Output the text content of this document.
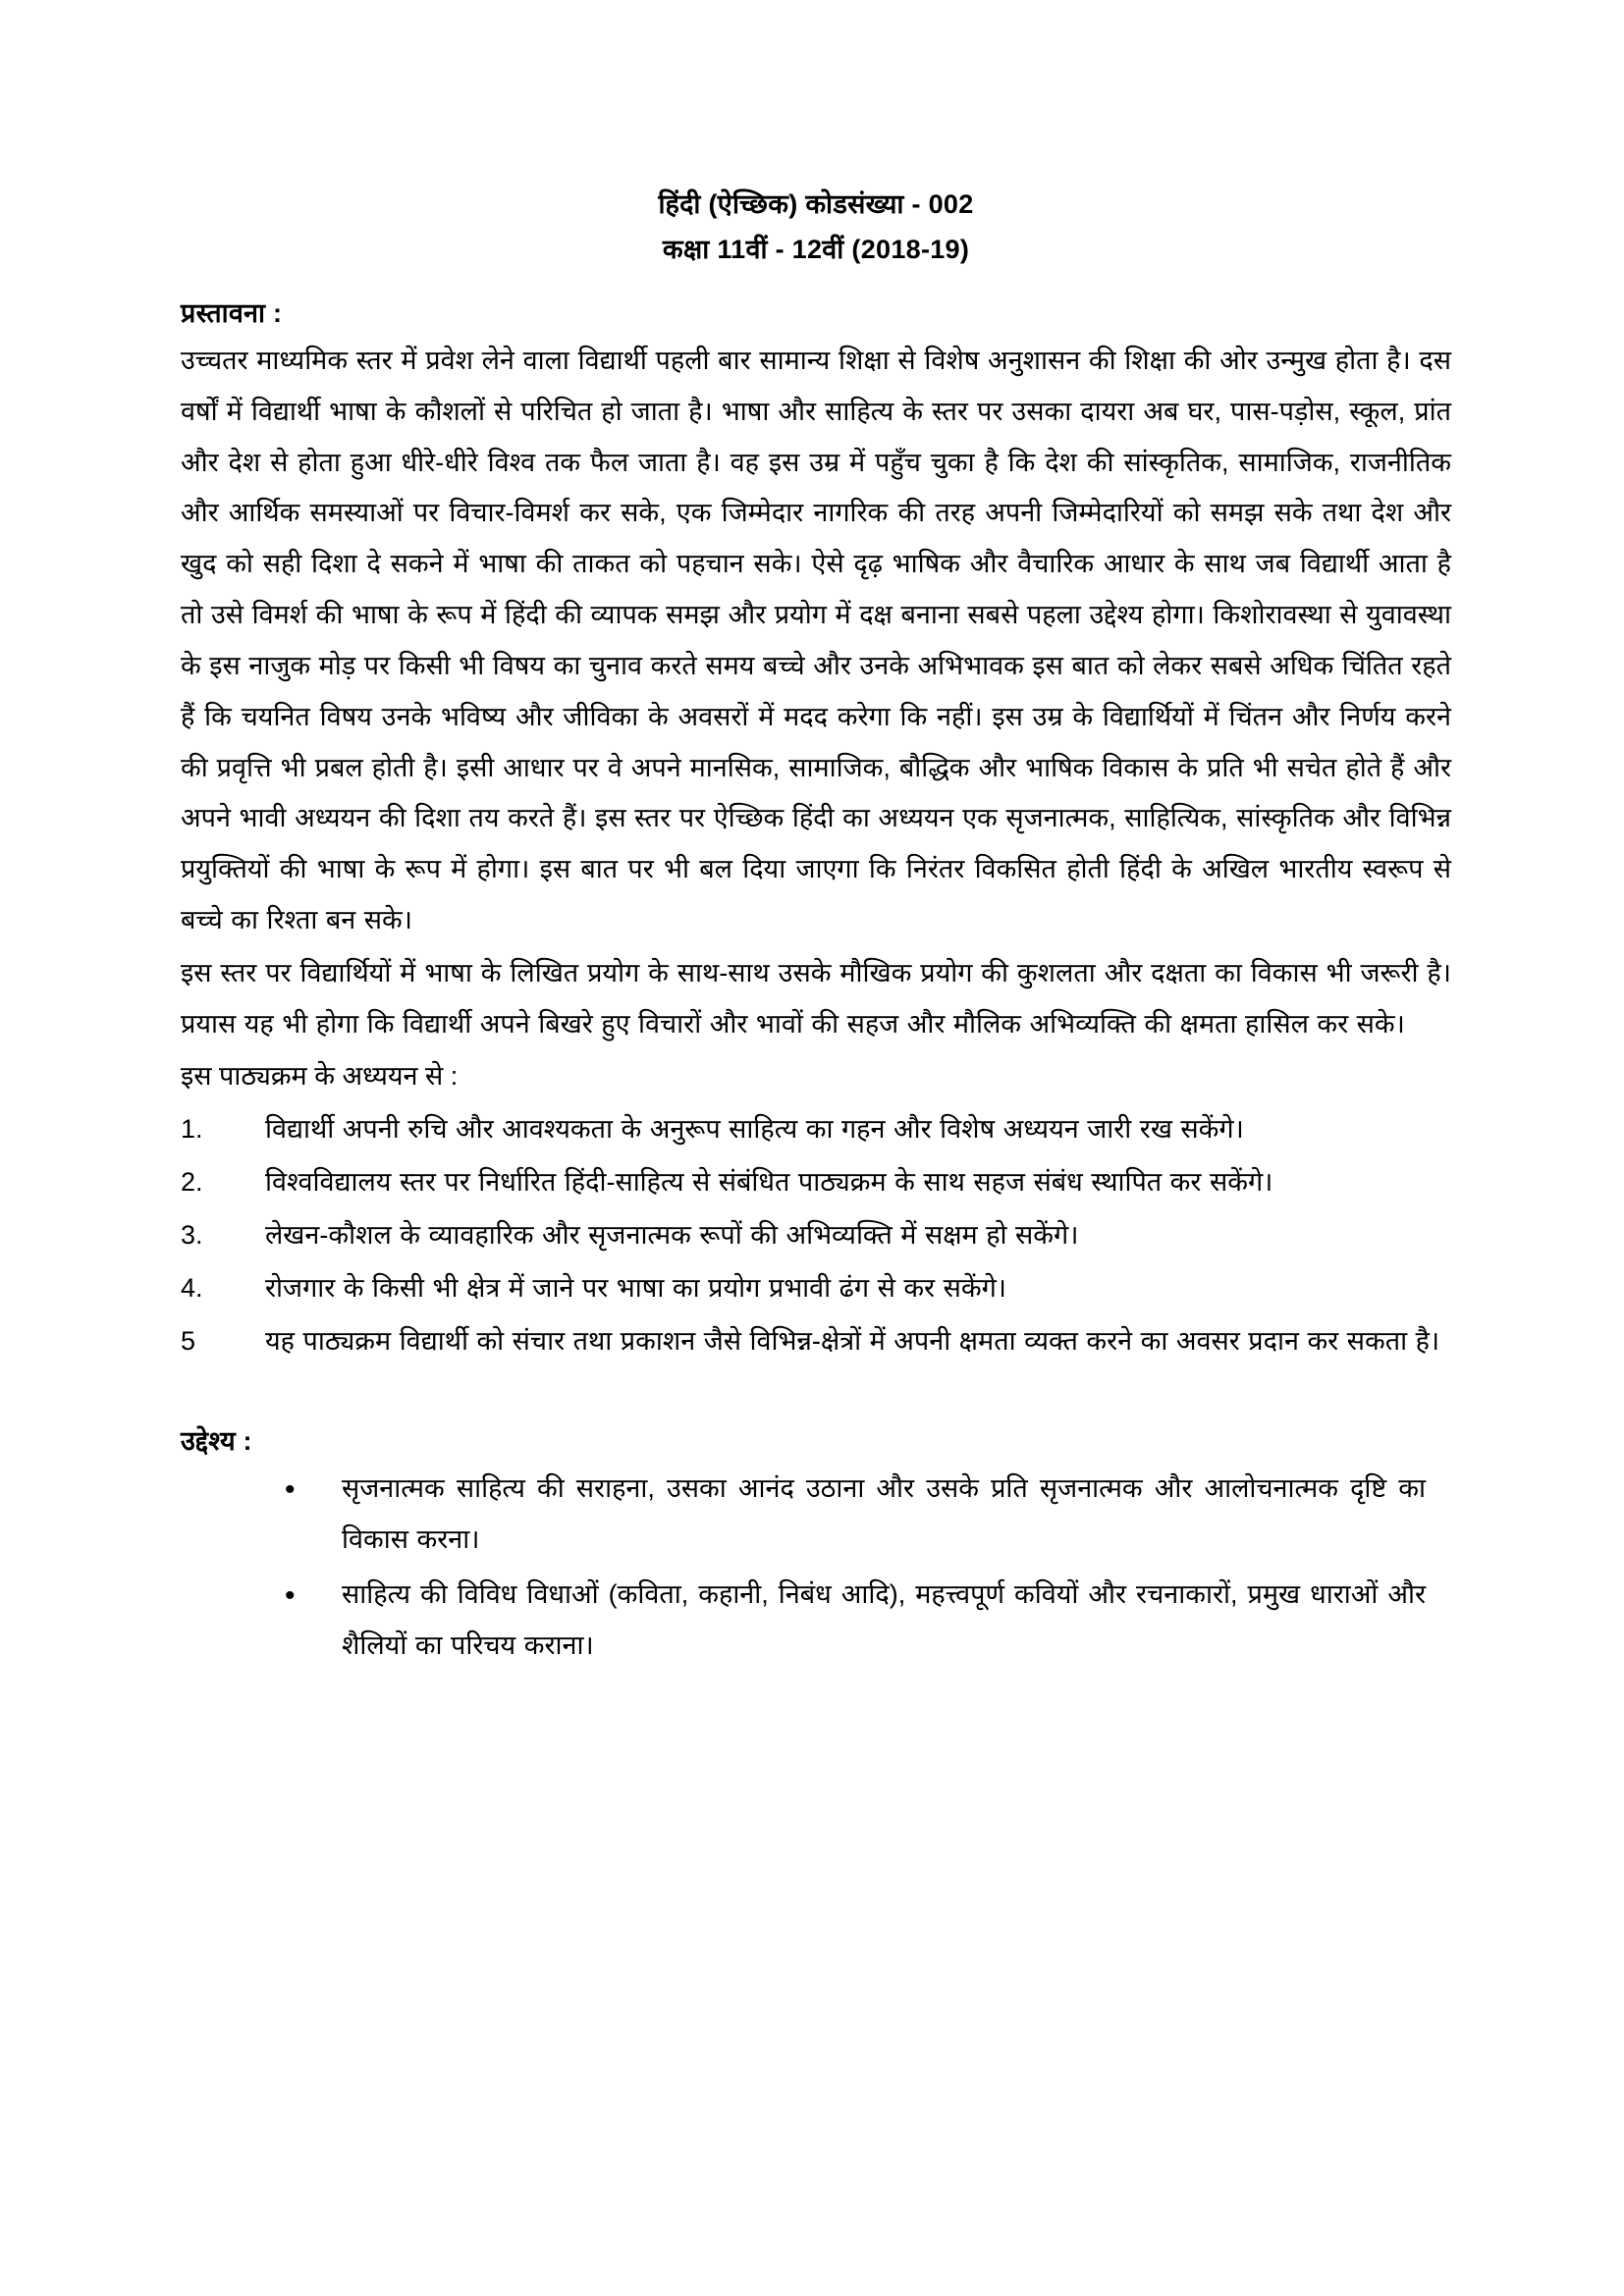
हिंदी (ऐच्छिक) कोडसंख्या - 002
कक्षा 11वीं - 12वीं (2018-19)
प्रस्तावना :

उच्चतर माध्यमिक स्तर में प्रवेश लेने वाला विद्यार्थी पहली बार सामान्य शिक्षा से विशेष अनुशासन की शिक्षा की ओर उन्मुख होता है। दस वर्षों में विद्यार्थी भाषा के कौशलों से परिचित हो जाता है। भाषा और साहित्य के स्तर पर उसका दायरा अब घर, पास-पड़ोस, स्कूल, प्रांत और देश से होता हुआ धीरे-धीरे विश्व तक फैल जाता है। वह इस उम्र में पहुँच चुका है कि देश की सांस्कृतिक, सामाजिक, राजनीतिक और आर्थिक समस्याओं पर विचार-विमर्श कर सके, एक जिम्मेदार नागरिक की तरह अपनी जिम्मेदारियों को समझ सके तथा देश और खुद को सही दिशा दे सकने में भाषा की ताकत को पहचान सके। ऐसे दृढ़ भाषिक और वैचारिक आधार के साथ जब विद्यार्थी आता है तो उसे विमर्श की भाषा के रूप में हिंदी की व्यापक समझ और प्रयोग में दक्ष बनाना सबसे पहला उद्देश्य होगा। किशोरावस्था से युवावस्था के इस नाजुक मोड़ पर किसी भी विषय का चुनाव करते समय बच्चे और उनके अभिभावक इस बात को लेकर सबसे अधिक चिंतित रहते हैं कि चयनित विषय उनके भविष्य और जीविका के अवसरों में मदद करेगा कि नहीं। इस उम्र के विद्यार्थियों में चिंतन और निर्णय करने की प्रवृत्ति भी प्रबल होती है। इसी आधार पर वे अपने मानसिक, सामाजिक, बौद्धिक और भाषिक विकास के प्रति भी सचेत होते हैं और अपने भावी अध्ययन की दिशा तय करते हैं। इस स्तर पर ऐच्छिक हिंदी का अध्ययन एक सृजनात्मक, साहित्यिक, सांस्कृतिक और विभिन्न प्रयुक्तियों की भाषा के रूप में होगा। इस बात पर भी बल दिया जाएगा कि निरंतर विकसित होती हिंदी के अखिल भारतीय स्वरूप से बच्चे का रिश्ता बन सके।

इस स्तर पर विद्यार्थियों में भाषा के लिखित प्रयोग के साथ-साथ उसके मौखिक प्रयोग की कुशलता और दक्षता का विकास भी जरूरी है। प्रयास यह भी होगा कि विद्यार्थी अपने बिखरे हुए विचारों और भावों की सहज और मौलिक अभिव्यक्ति की क्षमता हासिल कर सके।

इस पाठ्यक्रम के अध्ययन से :

1.	विद्यार्थी अपनी रुचि और आवश्यकता के अनुरूप साहित्य का गहन और विशेष अध्ययन जारी रख सकेंगे।
2.	विश्वविद्यालय स्तर पर निर्धारित हिंदी-साहित्य से संबंधित पाठ्यक्रम के साथ सहज संबंध स्थापित कर सकेंगे।
3.	लेखन-कौशल के व्यावहारिक और सृजनात्मक रूपों की अभिव्यक्ति में सक्षम हो सकेंगे।
4.	रोजगार के किसी भी क्षेत्र में जाने पर भाषा का प्रयोग प्रभावी ढंग से कर सकेंगे।
5	यह पाठ्यक्रम विद्यार्थी को संचार तथा प्रकाशन जैसे विभिन्न-क्षेत्रों में अपनी क्षमता व्यक्त करने का अवसर प्रदान कर सकता है।
उद्देश्य :
•	सृजनात्मक साहित्य की सराहना, उसका आनंद उठाना और उसके प्रति सृजनात्मक और आलोचनात्मक दृष्टि का विकास करना।
•	साहित्य की विविध विधाओं (कविता, कहानी, निबंध आदि), महत्त्वपूर्ण कवियों और रचनाकारों, प्रमुख धाराओं और शैलियों का परिचय कराना।
